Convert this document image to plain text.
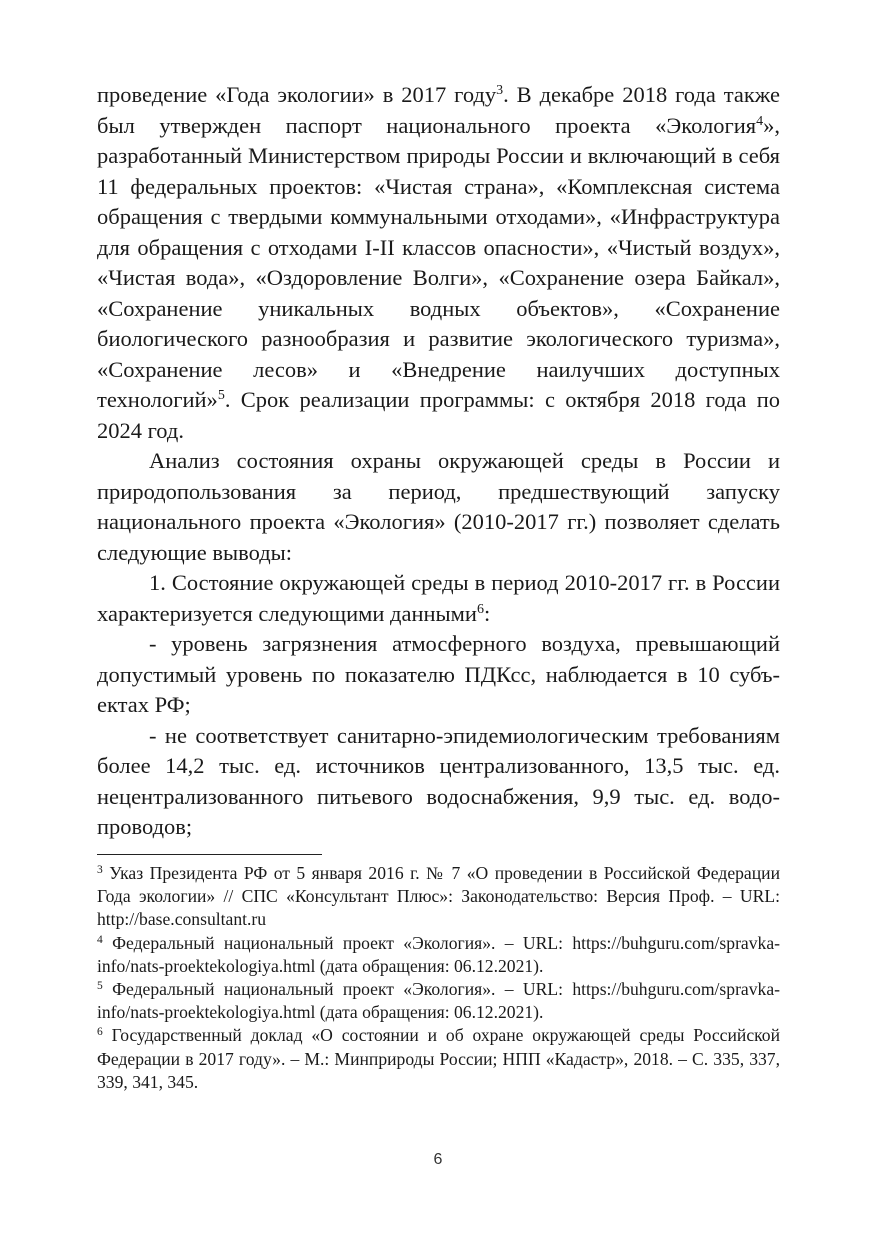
проведение «Года экологии» в 2017 году$^3$. В декабре 2018 года также был утвержден паспорт национального проекта «Экология$^4$», разработанный Министерством природы России и включающий в себя 11 федеральных проектов: «Чистая страна», «Комплексная система обращения с твердыми коммунальными отходами», «Инфраструктура для обращения с отходами I-II классов опасности», «Чистый воздух», «Чистая вода», «Оздоровление Волги», «Сохранение озера Байкал», «Сохранение уникальных водных объектов», «Сохранение биологического разнообразия и развитие экологического туризма», «Сохранение лесов» и «Внедрение наилучших доступных технологий»$^5$. Срок реализации программы: с октября 2018 года по 2024 год.

Анализ состояния охраны окружающей среды в России и природопользования за период, предшествующий запуску национального проекта «Экология» (2010-2017 гг.) позволяет сделать следующие выводы:

1. Состояние окружающей среды в период 2010-2017 гг. в России характеризуется следующими данными$^6$:

- уровень загрязнения атмосферного воздуха, превышающий допустимый уровень по показателю ПДКсс, наблюдается в 10 субъектах РФ;

- не соответствует санитарно-эпидемиологическим требованиям более 14,2 тыс. ед. источников централизованного, 13,5 тыс. ед. нецентрализованного питьевого водоснабжения, 9,9 тыс. ед. водопроводов;

$^3$ Указ Президента РФ от 5 января 2016 г. № 7 «О проведении в Российской Федерации Года экологии» // СПС «Консультант Плюс»: Законодательство: Версия Проф. – URL: http://base.consultant.ru

$^4$ Федеральный национальный проект «Экология». – URL: https://buhguru.com/spravka-info/nats-proektekologiya.html (дата обращения: 06.12.2021).

$^5$ Федеральный национальный проект «Экология». – URL: https://buhguru.com/spravka-info/nats-proektekologiya.html (дата обращения: 06.12.2021).

$^6$ Государственный доклад «О состоянии и об охране окружающей среды Российской Федерации в 2017 году». – М.: Минприроды России; НПП «Кадастр», 2018. – С. 335, 337, 339, 341, 345.

6
